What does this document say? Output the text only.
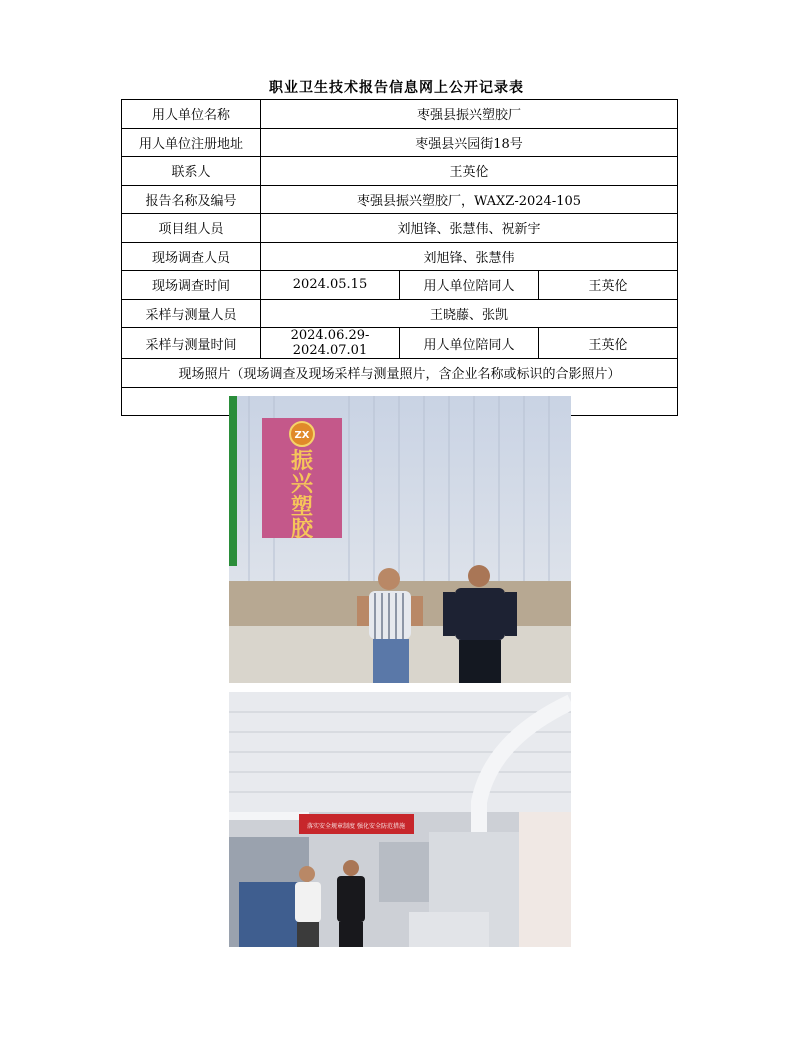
职业卫生技术报告信息网上公开记录表
用人单位名称	枣强县振兴塑胶厂		
用人单位注册地址	枣强县兴园街18号		
联系人	王英伦		
报告名称及编号	枣强县振兴塑胶厂，WAXZ-2024-105		
项目组人员	刘旭锋、张慧伟、祝新宇		
现场调查人员	刘旭锋、张慧伟		
现场调查时间	2024.05.15	用人单位陪同人	王英伦
采样与测量人员	王晓藤、张凯		
采样与测量时间	2024.06.29-2024.07.01	用人单位陪同人	王英伦
现场照片（现场调查及现场采样与测量照片，含企业名称或标识的合影照片）			

ZX
振
兴
塑
胶
落实安全规章制度 强化安全防范措施
